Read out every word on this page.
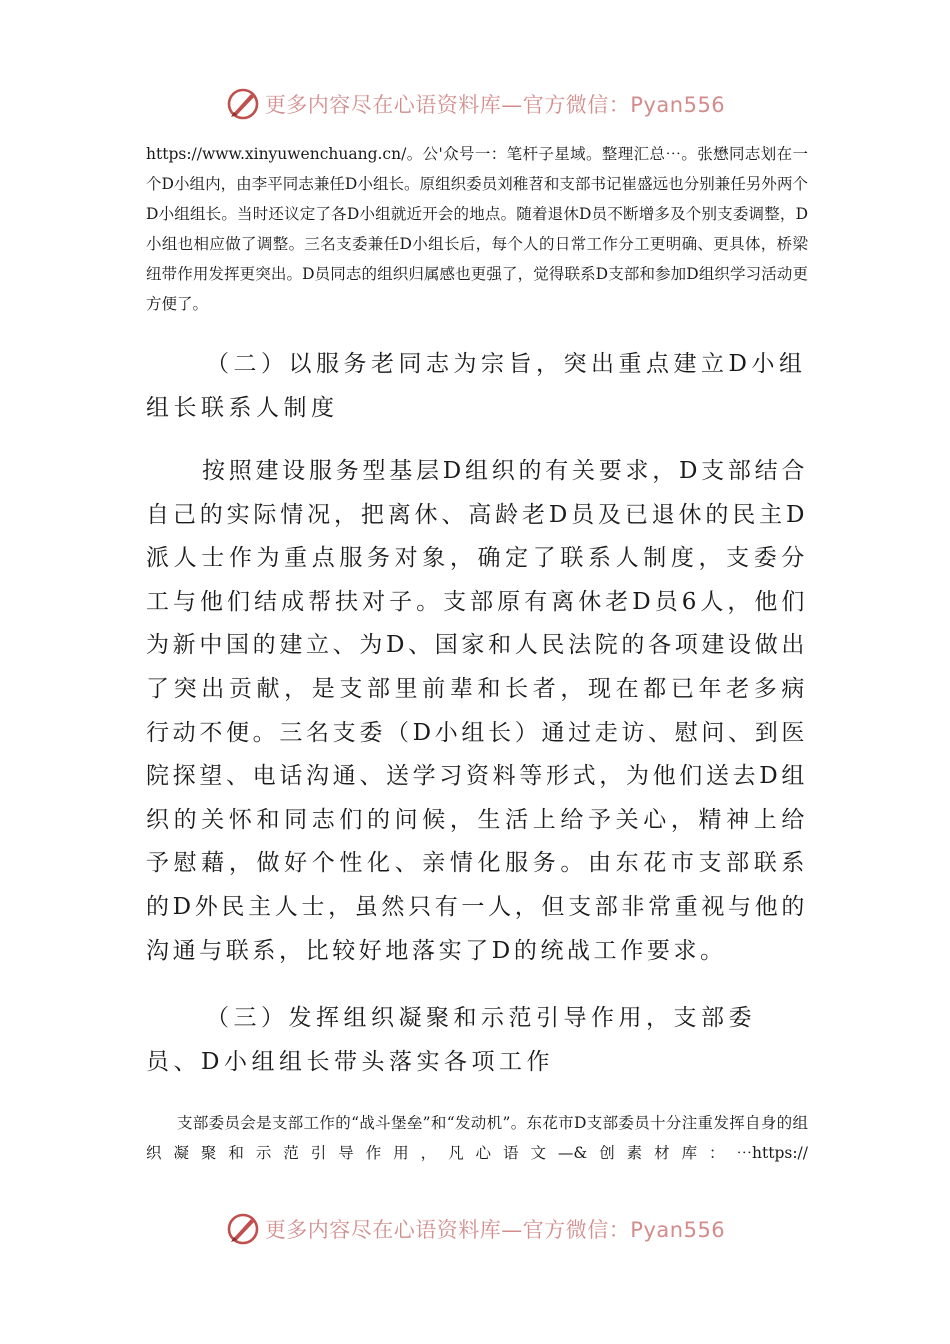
更多内容尽在心语资料库—官方微信：Pyan556

https://www.xinyuwenchuang.cn/。公'众号一：笔杆子星域。整理汇总⋯。张懋同志划在一个D小组内，由李平同志兼任D小组长。原组织委员刘稚苕和支部书记崔盛远也分别兼任另外两个D小组组长。当时还议定了各D小组就近开会的地点。随着退休D员不断增多及个别支委调整，D小组也相应做了调整。三名支委兼任D小组长后，每个人的日常工作分工更明确、更具体，桥梁纽带作用发挥更突出。D员同志的组织归属感也更强了，觉得联系D支部和参加D组织学习活动更方便了。

（二）以服务老同志为宗旨，突出重点建立D小组组长联系人制度

按照建设服务型基层D组织的有关要求，D支部结合自己的实际情况，把离休、高龄老D员及已退休的民主D派人士作为重点服务对象，确定了联系人制度，支委分工与他们结成帮扶对子。支部原有离休老D员6人，他们为新中国的建立、为D、国家和人民法院的各项建设做出了突出贡献，是支部里前辈和长者，现在都已年老多病行动不便。三名支委（D小组长）通过走访、慰问、到医院探望、电话沟通、送学习资料等形式，为他们送去D组织的关怀和同志们的问候，生活上给予关心，精神上给予慰藉，做好个性化、亲情化服务。由东花市支部联系的D外民主人士，虽然只有一人，但支部非常重视与他的沟通与联系，比较好地落实了D的统战工作要求。

（三）发挥组织凝聚和示范引导作用，支部委员、D小组组长带头落实各项工作

支部委员会是支部工作的“战斗堡垒”和“发动机”。东花市D支部委员十分注重发挥自身的组织凝聚和示范引导作用，凡心语文—&创素材库：⋯https://

更多内容尽在心语资料库—官方微信：Pyan556
